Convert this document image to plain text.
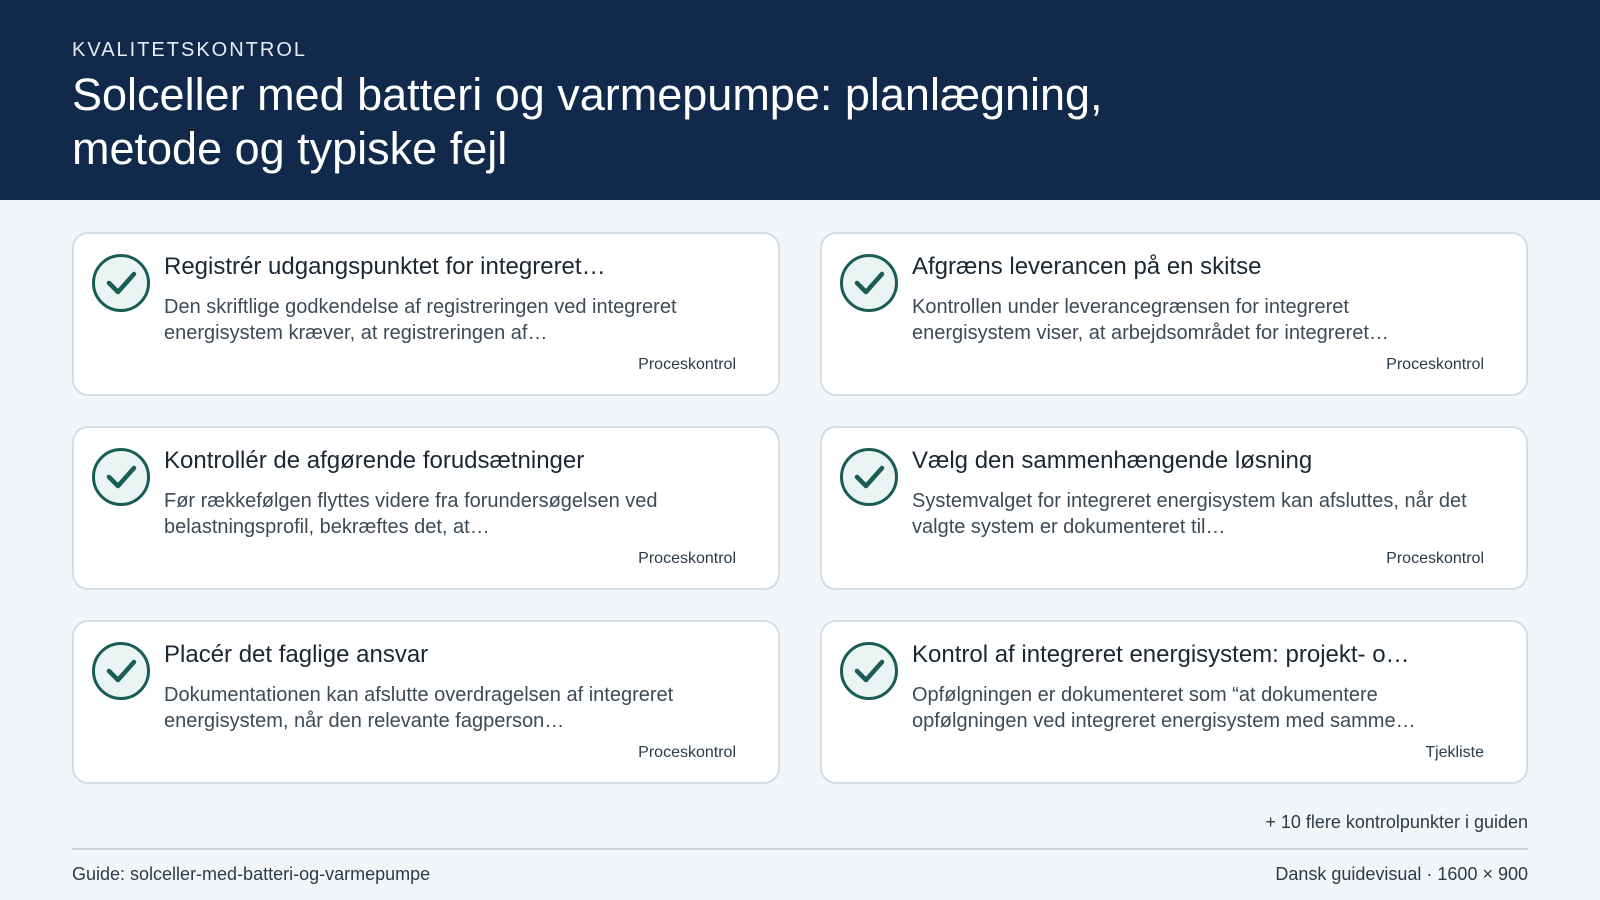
KVALITETSKONTROL
Solceller med batteri og varmepumpe: planlægning, metode og typiske fejl
Registrér udgangspunktet for integreret…
Den skriftlige godkendelse af registreringen ved integreret energisystem kræver, at registreringen af…
Proceskontrol
Afgræns leverancen på en skitse
Kontrollen under leverancegrænsen for integreret energisystem viser, at arbejdsområdet for integreret…
Proceskontrol
Kontrollér de afgørende forudsætninger
Før rækkefølgen flyttes videre fra forundersøgelsen ved belastningsprofil, bekræftes det, at…
Proceskontrol
Vælg den sammenhængende løsning
Systemvalget for integreret energisystem kan afsluttes, når det valgte system er dokumenteret til…
Proceskontrol
Placér det faglige ansvar
Dokumentationen kan afslutte overdragelsen af integreret energisystem, når den relevante fagperson…
Proceskontrol
Kontrol af integreret energisystem: projekt- o…
Opfølgningen er dokumenteret som “at dokumentere opfølgningen ved integreret energisystem med samme…
Tjekliste
+ 10 flere kontrolpunkter i guiden
Guide: solceller-med-batteri-og-varmepumpe	Dansk guidevisual · 1600 × 900
